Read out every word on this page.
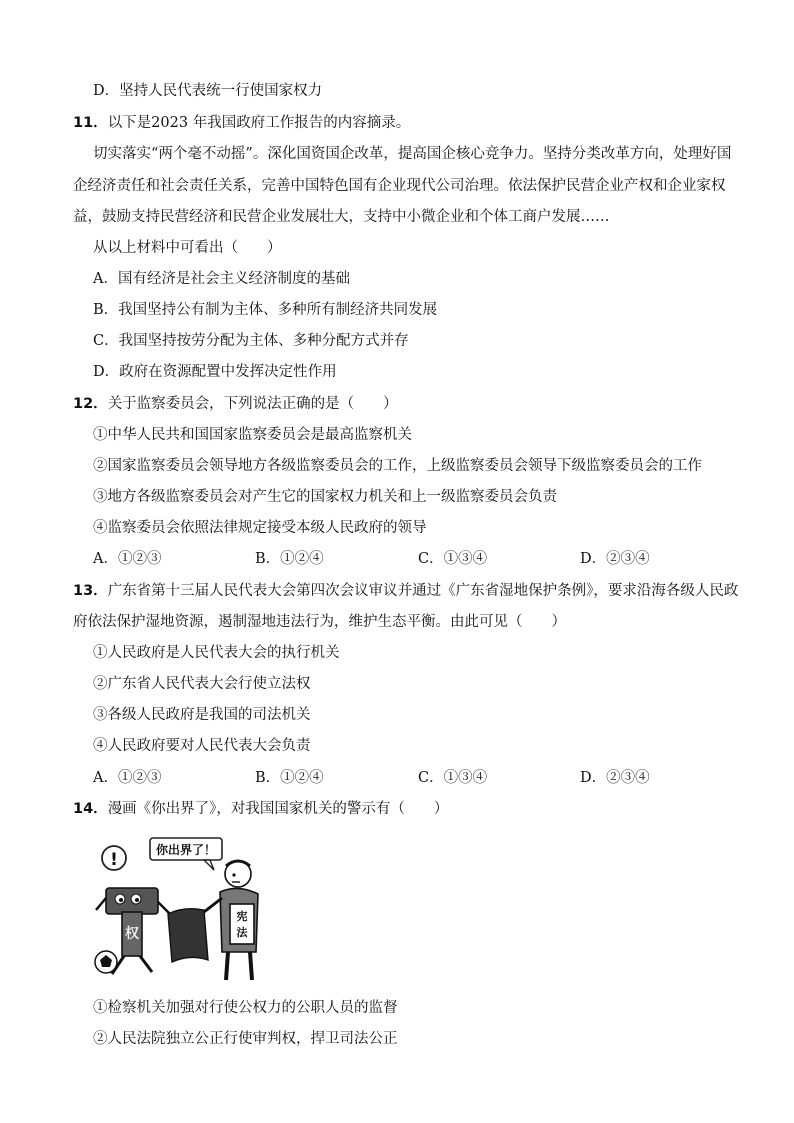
D．坚持人民代表统一行使国家权力
11．以下是2023 年我国政府工作报告的内容摘录。
切实落实“两个毫不动摇”。深化国资国企改革，提高国企核心竞争力。坚持分类改革方向，处理好国
企经济责任和社会责任关系，完善中国特色国有企业现代公司治理。依法保护民营企业产权和企业家权
益，鼓励支持民营经济和民营企业发展壮大，支持中小微企业和个体工商户发展……
从以上材料中可看出（　　）
A．国有经济是社会主义经济制度的基础
B．我国坚持公有制为主体、多种所有制经济共同发展
C．我国坚持按劳分配为主体、多种分配方式并存
D．政府在资源配置中发挥决定性作用
12．关于监察委员会，下列说法正确的是（　　）
①中华人民共和国国家监察委员会是最高监察机关
②国家监察委员会领导地方各级监察委员会的工作，上级监察委员会领导下级监察委员会的工作
③地方各级监察委员会对产生它的国家权力机关和上一级监察委员会负责
④监察委员会依照法律规定接受本级人民政府的领导
A．①②③	B．①②④	C．①③④	D．②③④
13．广东省第十三届人民代表大会第四次会议审议并通过《广东省湿地保护条例》，要求沿海各级人民政
府依法保护湿地资源，遏制湿地违法行为，维护生态平衡。由此可见（　　）
①人民政府是人民代表大会的执行机关
②广东省人民代表大会行使立法权
③各级人民政府是我国的司法机关
④人民政府要对人民代表大会负责
A．①②③	B．①②④	C．①③④	D．②③④
14．漫画《你出界了》，对我国国家机关的警示有（　　）
你出界了！
!
权
宪
法
①检察机关加强对行使公权力的公职人员的监督
②人民法院独立公正行使审判权，捍卫司法公正
